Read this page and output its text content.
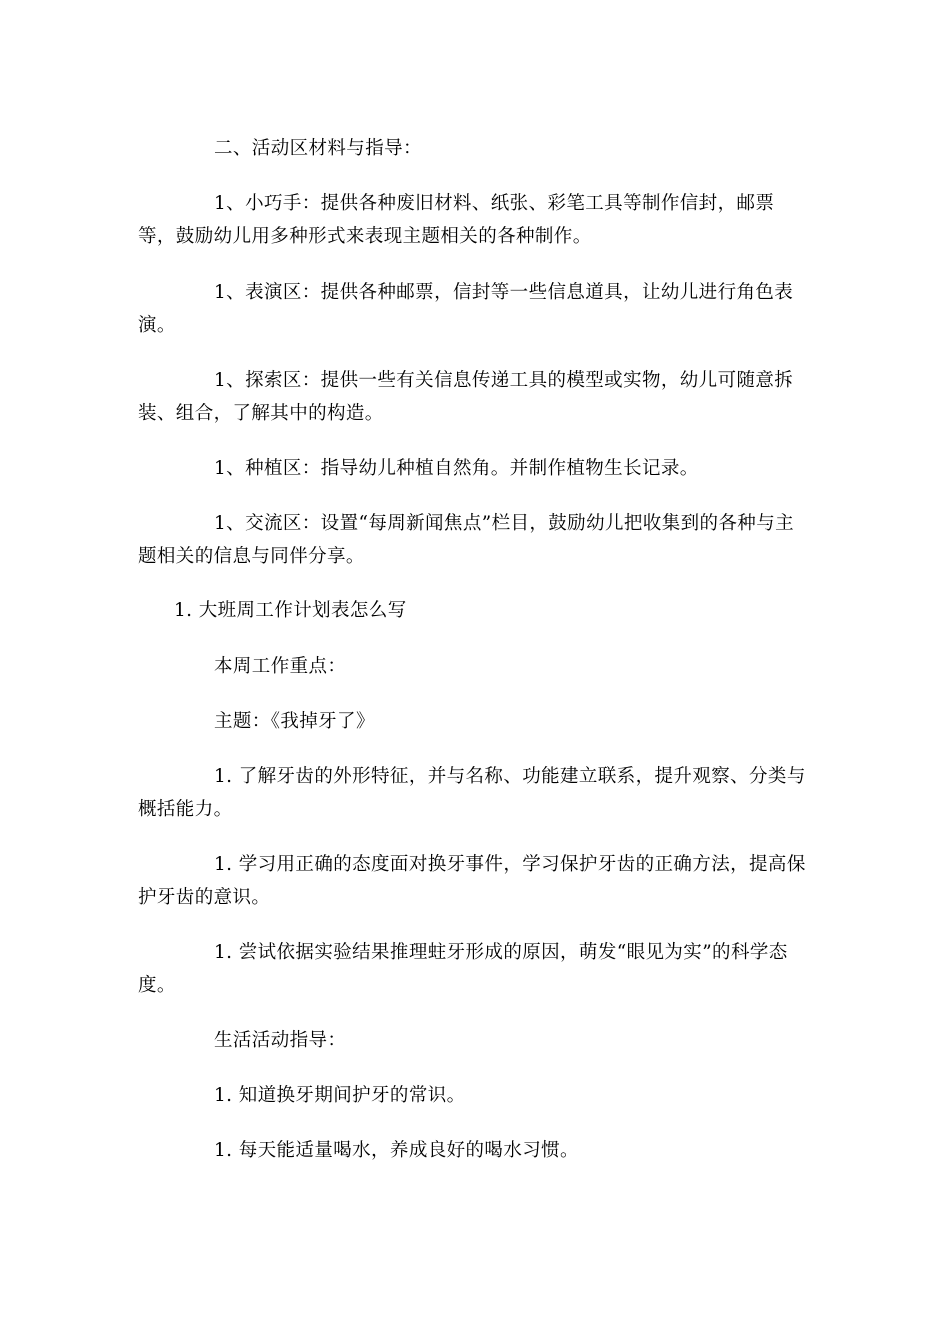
二、活动区材料与指导：

1、小巧手：提供各种废旧材料、纸张、彩笔工具等制作信封，邮票等，鼓励幼儿用多种形式来表现主题相关的各种制作。

1、表演区：提供各种邮票，信封等一些信息道具，让幼儿进行角色表演。

1、探索区：提供一些有关信息传递工具的模型或实物，幼儿可随意拆装、组合，了解其中的构造。

1、种植区：指导幼儿种植自然角。并制作植物生长记录。

1、交流区：设置“每周新闻焦点”栏目，鼓励幼儿把收集到的各种与主题相关的信息与同伴分享。

1. 大班周工作计划表怎么写

本周工作重点：

主题：《我掉牙了》

1. 了解牙齿的外形特征，并与名称、功能建立联系，提升观察、分类与概括能力。

1. 学习用正确的态度面对换牙事件，学习保护牙齿的正确方法，提高保护牙齿的意识。

1. 尝试依据实验结果推理蛀牙形成的原因，萌发“眼见为实”的科学态度。

生活活动指导：

1. 知道换牙期间护牙的常识。

1. 每天能适量喝水，养成良好的喝水习惯。
